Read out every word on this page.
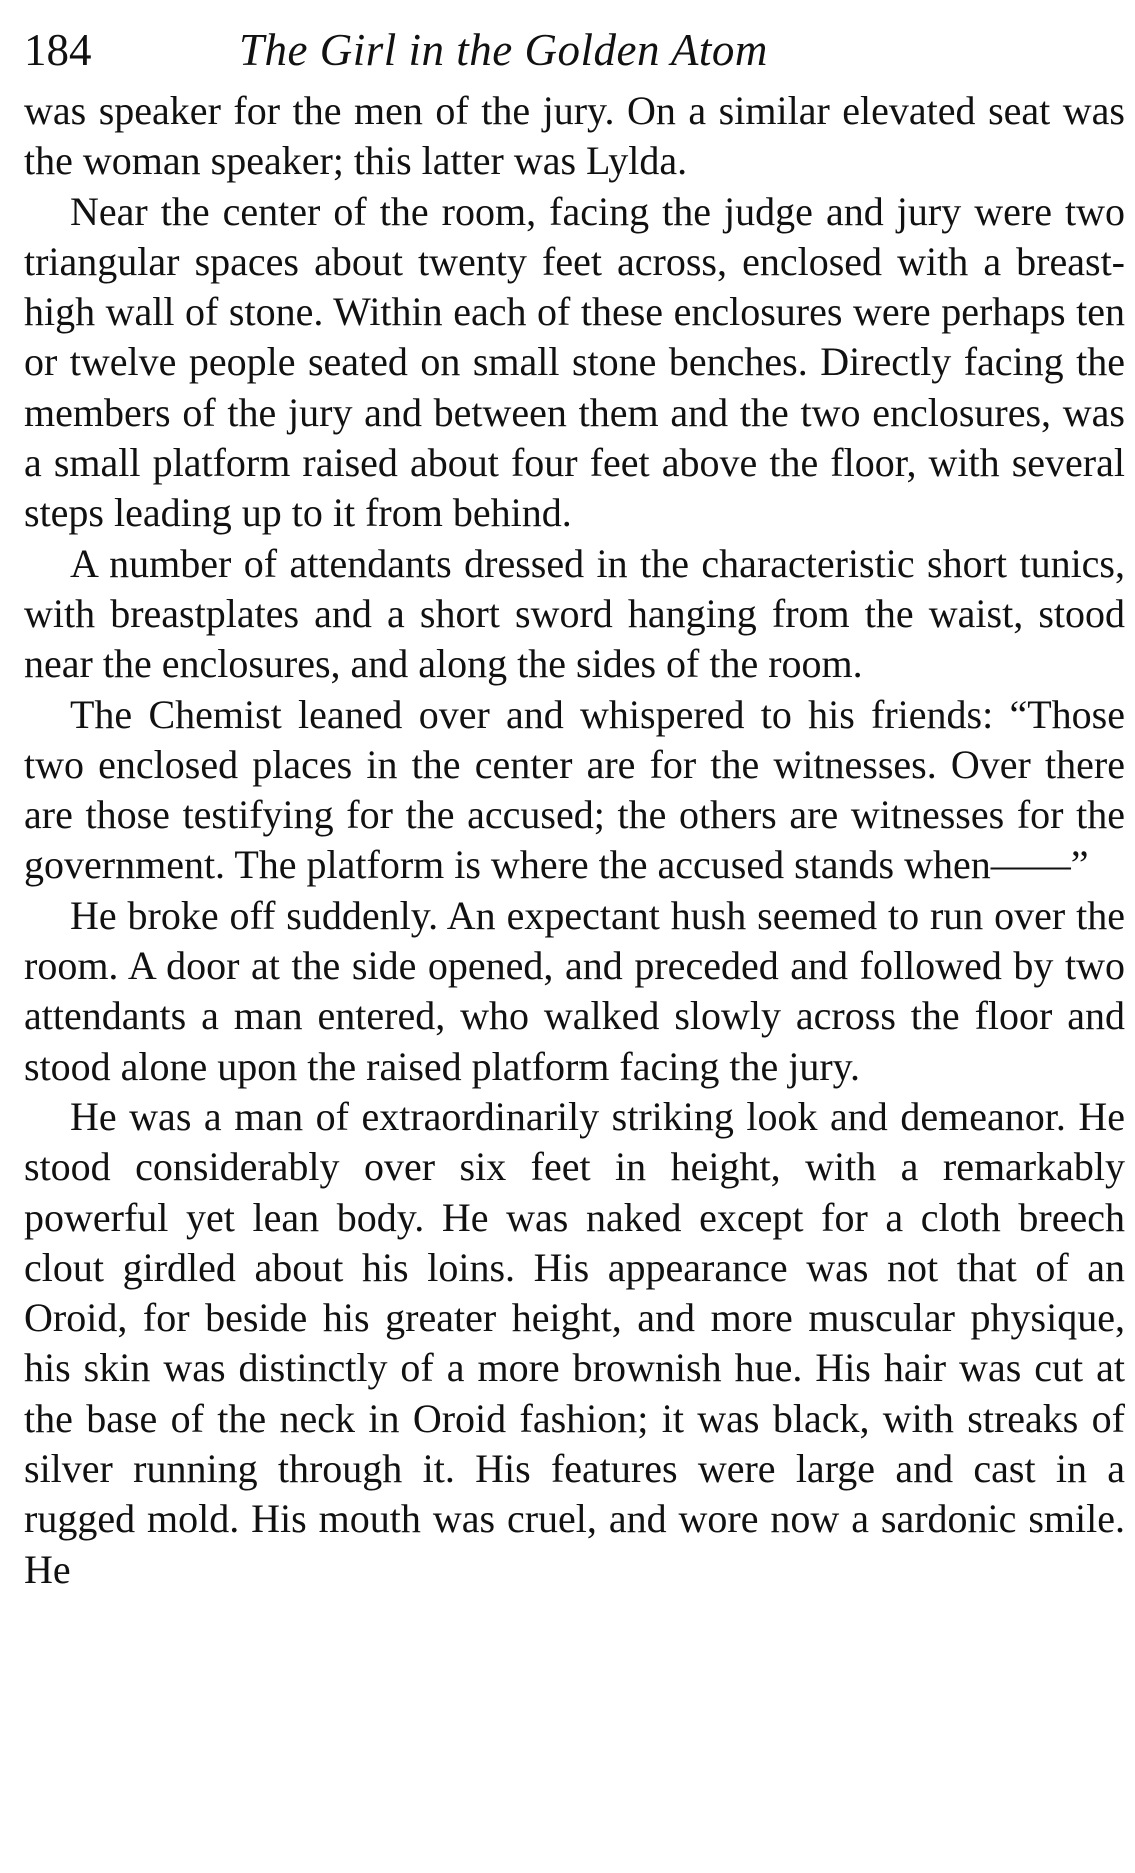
184	The Girl in the Golden Atom

was speaker for the men of the jury. On a similar elevated seat was the woman speaker; this latter was Lylda.

Near the center of the room, facing the judge and jury were two triangular spaces about twenty feet across, enclosed with a breast-high wall of stone. Within each of these enclosures were perhaps ten or twelve people seated on small stone benches. Directly facing the members of the jury and between them and the two enclosures, was a small platform raised about four feet above the floor, with several steps leading up to it from behind.

A number of attendants dressed in the characteristic short tunics, with breastplates and a short sword hanging from the waist, stood near the enclosures, and along the sides of the room.

The Chemist leaned over and whispered to his friends: “Those two enclosed places in the center are for the witnesses. Over there are those testifying for the accused; the others are witnesses for the government. The platform is where the accused stands when——”

He broke off suddenly. An expectant hush seemed to run over the room. A door at the side opened, and preceded and followed by two attendants a man entered, who walked slowly across the floor and stood alone upon the raised platform facing the jury.

He was a man of extraordinarily striking look and demeanor. He stood considerably over six feet in height, with a remarkably powerful yet lean body. He was naked except for a cloth breech clout girdled about his loins. His appearance was not that of an Oroid, for beside his greater height, and more muscular physique, his skin was distinctly of a more brownish hue. His hair was cut at the base of the neck in Oroid fashion; it was black, with streaks of silver running through it. His features were large and cast in a rugged mold. His mouth was cruel, and wore now a sardonic smile. He
